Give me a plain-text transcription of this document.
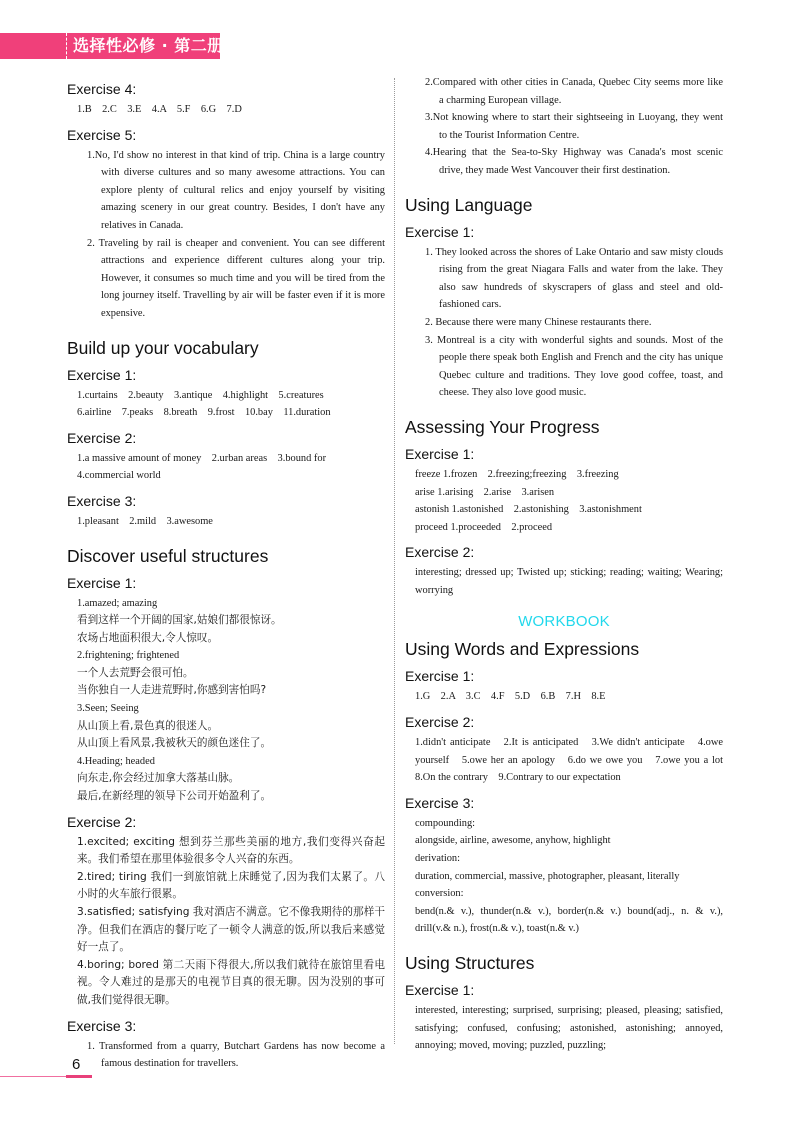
选择性必修 · 第二册
Exercise 4:
1.B　2.C　3.E　4.A　5.F　6.G　7.D
Exercise 5:
1.No, I'd show no interest in that kind of trip. China is a large country with diverse cultures and so many awesome attractions. You can explore plenty of cultural relics and enjoy yourself by visiting amazing scenery in our great country. Besides, I don't have any relatives in Canada.
2. Traveling by rail is cheaper and convenient. You can see different attractions and experience different cultures along your trip. However, it consumes so much time and you will be tired from the long journey itself. Travelling by air will be faster even if it is more expensive.
Build up your vocabulary
Exercise 1:
1.curtains　2.beauty　3.antique　4.highlight　5.creatures
6.airline　7.peaks　8.breath　9.frost　10.bay　11.duration
Exercise 2:
1.a massive amount of money　2.urban areas　3.bound for
4.commercial world
Exercise 3:
1.pleasant　2.mild　3.awesome
Discover useful structures
Exercise 1:
1.amazed; amazing
看到这样一个开阔的国家,姑娘们都很惊讶。
农场占地面积很大,令人惊叹。
2.frightening; frightened
一个人去荒野会很可怕。
当你独自一人走进荒野时,你感到害怕吗?
3.Seen; Seeing
从山顶上看,景色真的很迷人。
从山顶上看风景,我被秋天的颜色迷住了。
4.Heading; headed
向东走,你会经过加拿大落基山脉。
最后,在新经理的领导下公司开始盈利了。
Exercise 2:
1.excited; exciting 想到芬兰那些美丽的地方,我们变得兴奋起来。我们希望在那里体验很多令人兴奋的东西。
2.tired; tiring 我们一到旅馆就上床睡觉了,因为我们太累了。八小时的火车旅行很累。
3.satisfied; satisfying 我对酒店不满意。它不像我期待的那样干净。但我们在酒店的餐厅吃了一顿令人满意的饭,所以我后来感觉好一点了。
4.boring; bored 第二天雨下得很大,所以我们就待在旅馆里看电视。令人难过的是那天的电视节目真的很无聊。因为没别的事可做,我们觉得很无聊。
Exercise 3:
1. Transformed from a quarry, Butchart Gardens has now become a famous destination for travellers.
2.Compared with other cities in Canada, Quebec City seems more like a charming European village.
3.Not knowing where to start their sightseeing in Luoyang, they went to the Tourist Information Centre.
4.Hearing that the Sea-to-Sky Highway was Canada's most scenic drive, they made West Vancouver their first destination.
Using Language
Exercise 1:
1. They looked across the shores of Lake Ontario and saw misty clouds rising from the great Niagara Falls and water from the lake. They also saw hundreds of skyscrapers of glass and steel and old-fashioned cars.
2. Because there were many Chinese restaurants there.
3. Montreal is a city with wonderful sights and sounds. Most of the people there speak both English and French and the city has unique Quebec culture and traditions. They love good coffee, toast, and cheese. They also love good music.
Assessing Your Progress
Exercise 1:
freeze 1.frozen　2.freezing;freezing　3.freezing
arise 1.arising　2.arise　3.arisen
astonish 1.astonished　2.astonishing　3.astonishment
proceed 1.proceeded　2.proceed
Exercise 2:
interesting; dressed up; Twisted up; sticking; reading; waiting; Wearing; worrying
WORKBOOK
Using Words and Expressions
Exercise 1:
1.G　2.A　3.C　4.F　5.D　6.B　7.H　8.E
Exercise 2:
1.didn't anticipate　2.It is anticipated　3.We didn't anticipate　4.owe yourself　5.owe her an apology　6.do we owe you　7.owe you a lot　8.On the contrary　9.Contrary to our expectation
Exercise 3:
compounding:
alongside, airline, awesome, anyhow, highlight
derivation:
duration, commercial, massive, photographer, pleasant, literally
conversion:
bend(n.& v.), thunder(n.& v.), border(n.& v.) bound(adj., n. & v.), drill(v.& n.), frost(n.& v.), toast(n.& v.)
Using Structures
Exercise 1:
interested, interesting; surprised, surprising; pleased, pleasing; satisfied, satisfying; confused, confusing; astonished, astonishing; annoyed, annoying; moved, moving; puzzled, puzzling;
6
